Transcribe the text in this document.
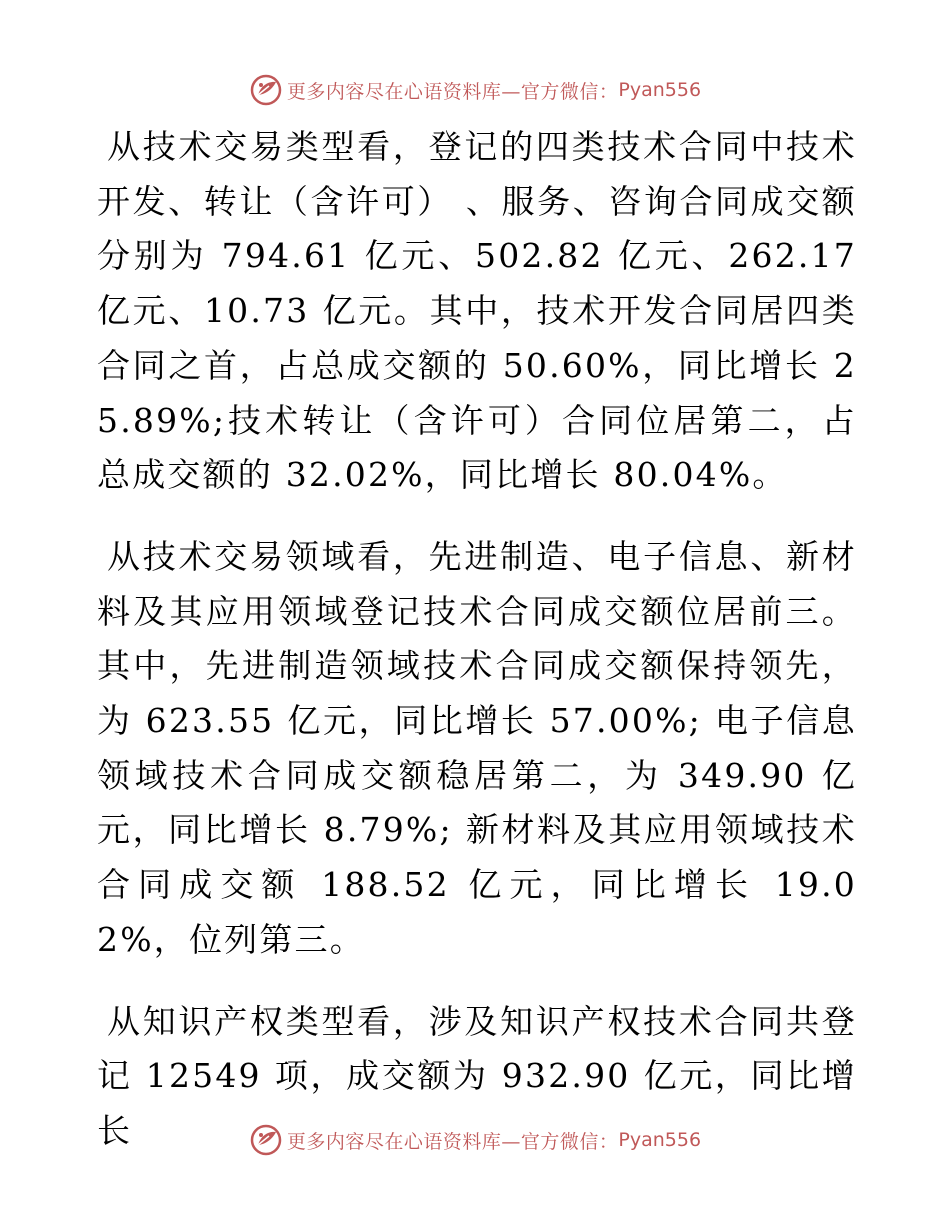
更多内容尽在心语资料库—官方微信： Pyan556

从技术交易类型看，登记的四类技术合同中技术开发、转让（含许可） 、服务、咨询合同成交额分别为 794.61 亿元、502.82 亿元、262.17 亿元、10.73 亿元。其中，技术开发合同居四类合同之首，占总成交额的 50.60%，同比增长 25.89%;技术转让（含许可）合同位居第二，占总成交额的 32.02%，同比增长 80.04%。

从技术交易领域看，先进制造、电子信息、新材料及其应用领域登记技术合同成交额位居前三。其中，先进制造领域技术合同成交额保持领先，为 623.55 亿元，同比增长 57.00%; 电子信息领域技术合同成交额稳居第二，为 349.90 亿元，同比增长 8.79%; 新材料及其应用领域技术合同成交额 188.52 亿元，同比增长 19.02%，位列第三。

从知识产权类型看，涉及知识产权技术合同共登记 12549 项，成交额为 932.90 亿元，同比增长	更多内容尽在心语资料库—官方微信： Pyan556
